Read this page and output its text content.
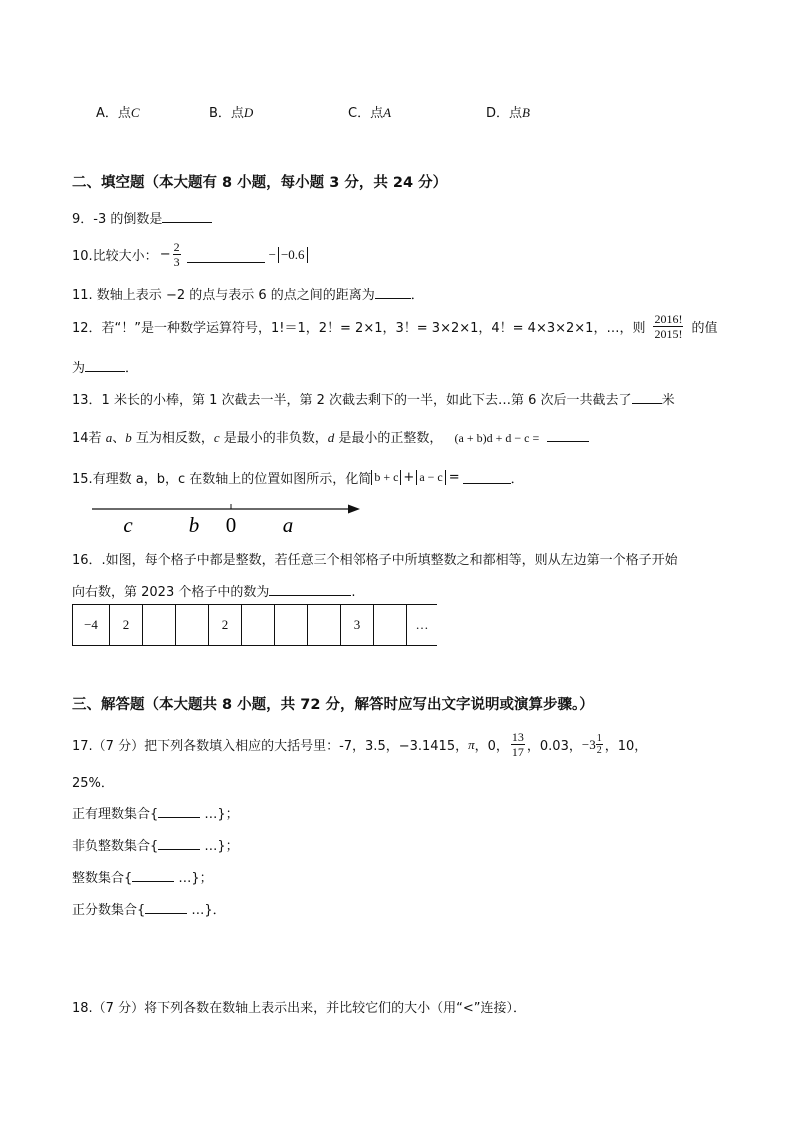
A．点C	B．点D	C．点A	D．点B
二、填空题（本大题有 8 小题，每小题 3 分，共 24 分）
9．-3 的倒数是
10.比较大小： − $\frac{2}{3}$	− −0.6
11. 数轴上表示 −2 的点与表示 6 的点之间的距离为	．
12．若“！”是一种数学运算符号，1!＝1，2！= 2×1，3！= 3×2×1，4！= 4×3×2×1，…，则 $\frac{2016!}{2015!}$ 的值
为	．
13．1 米长的小棒，第 1 次截去一半，第 2 次截去剩下的一半，如此下去…第 6 次后一共截去了 米
14若 a、b 互为相反数，c 是最小的非负数，d 是最小的正整数， (a + b)d + d − c =
15.有理数 a，b，c 在数轴上的位置如图所示，化简 b + c + a − c =	．
c	b 0 a
16．.如图，每个格子中都是整数，若任意三个相邻格子中所填整数之和都相等，则从左边第一个格子开始
向右数，第 2023 个格子中的数为	.
−4	2			2				3		…
三、解答题（本大题共 8 小题，共 72 分，解答时应写出文字说明或演算步骤。）
17.（7 分）把下列各数填入相应的大括号里：-7，3.5，−3.1415， π ，0， $\frac{13}{17}$ ，0.03， $-3 \frac{1}{2}$ ，10，
25%．
正有理数集合{	…}；
非负整数集合{	…}；
整数集合{	…}；
正分数集合{	…}．
18.（7 分）将下列各数在数轴上表示出来，并比较它们的大小（用“<”连接）．
